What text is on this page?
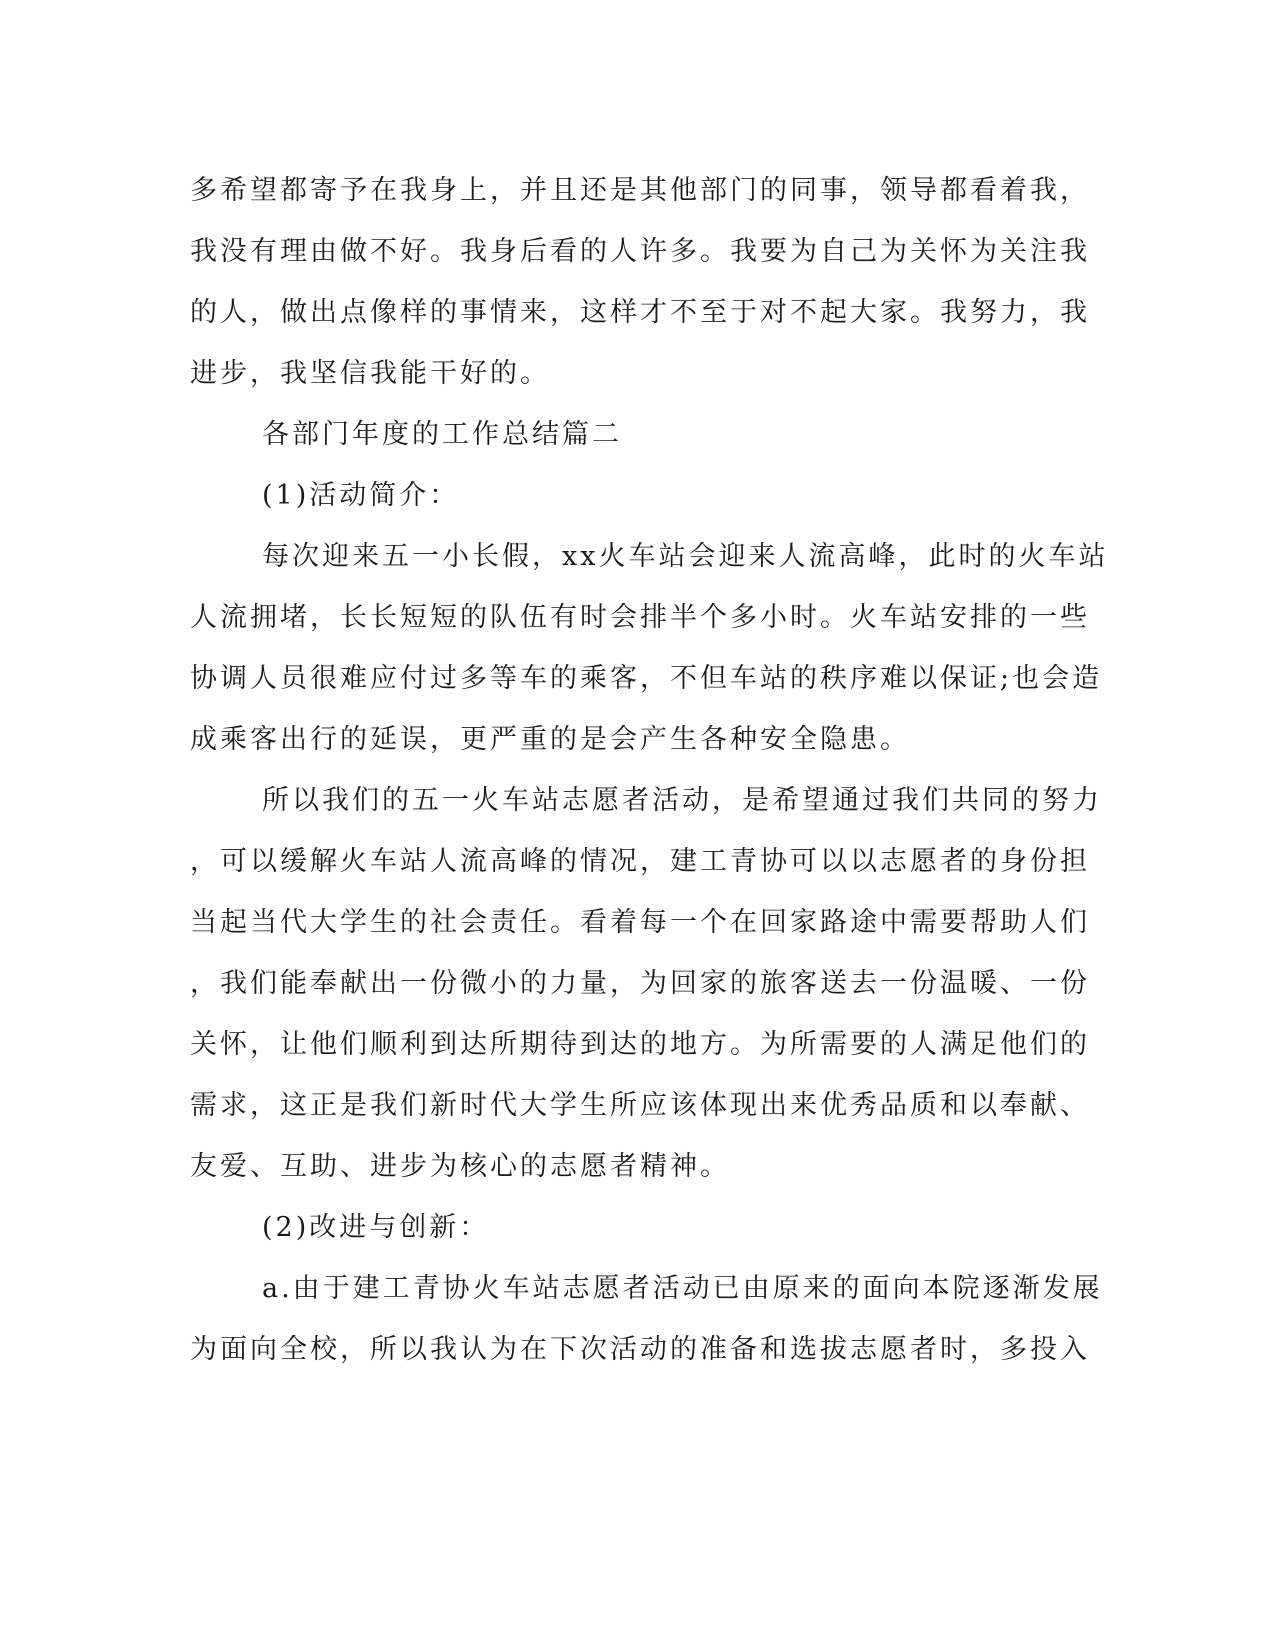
多希望都寄予在我身上，并且还是其他部门的同事，领导都看着我，
我没有理由做不好。我身后看的人许多。我要为自己为关怀为关注我
的人，做出点像样的事情来，这样才不至于对不起大家。我努力，我
进步，我坚信我能干好的。
各部门年度的工作总结篇二
(1)活动简介：
每次迎来五一小长假，xx火车站会迎来人流高峰，此时的火车站
人流拥堵，长长短短的队伍有时会排半个多小时。火车站安排的一些
协调人员很难应付过多等车的乘客，不但车站的秩序难以保证;也会造
成乘客出行的延误，更严重的是会产生各种安全隐患。
所以我们的五一火车站志愿者活动，是希望通过我们共同的努力
，可以缓解火车站人流高峰的情况，建工青协可以以志愿者的身份担
当起当代大学生的社会责任。看着每一个在回家路途中需要帮助人们
，我们能奉献出一份微小的力量，为回家的旅客送去一份温暖、一份
关怀，让他们顺利到达所期待到达的地方。为所需要的人满足他们的
需求，这正是我们新时代大学生所应该体现出来优秀品质和以奉献、
友爱、互助、进步为核心的志愿者精神。
(2)改进与创新：
a.由于建工青协火车站志愿者活动已由原来的面向本院逐渐发展
为面向全校，所以我认为在下次活动的准备和选拔志愿者时，多投入
